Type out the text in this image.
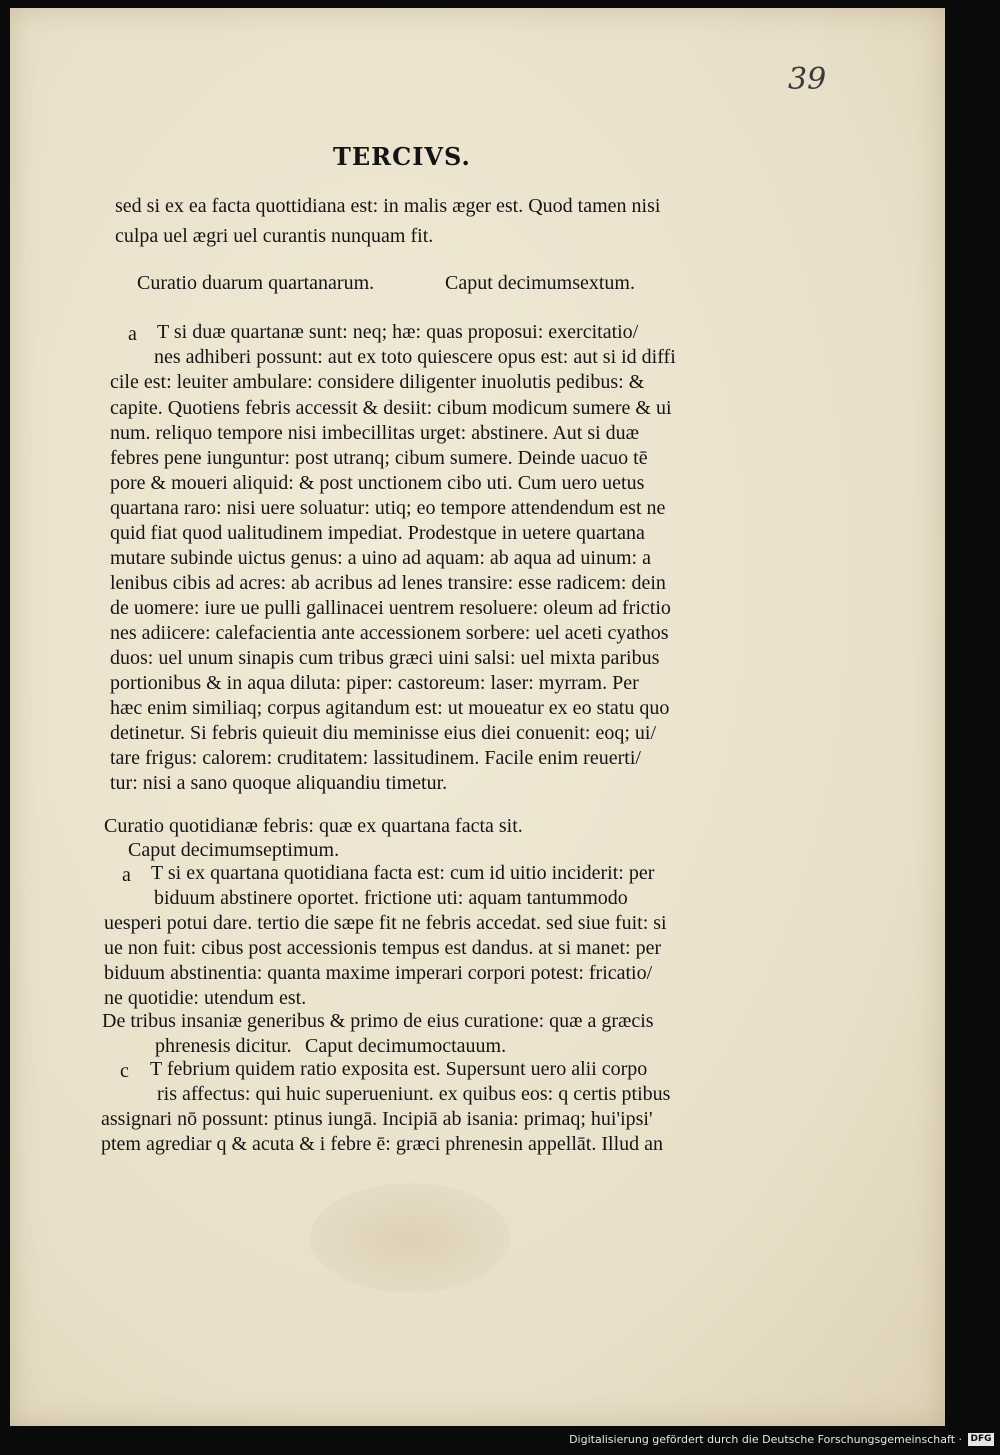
39
TERCIVS.
sed si ex ea facta quottidiana est: in malis æger est. Quod tamen nisi
culpa uel ægri uel curantis nunquam fit.
Curatio duarum quartanarum.	Caput decimumsextum.
a T si duæ quartanæ sunt: neq; hæ: quas proposui: exercitatio/
nes adhiberi possunt: aut ex toto quiescere opus est: aut si id diffi
cile est: leuiter ambulare: considere diligenter inuolutis pedibus: &
capite. Quotiens febris accessit & desiit: cibum modicum sumere & ui
num. reliquo tempore nisi imbecillitas urget: abstinere. Aut si duæ
febres pene iunguntur: post utranq; cibum sumere. Deinde uacuo tē
pore & moueri aliquid: & post unctionem cibo uti. Cum uero uetus
quartana raro: nisi uere soluatur: utiq; eo tempore attendendum est ne
quid fiat quod ualitudinem impediat. Prodestque in uetere quartana
mutare subinde uictus genus: a uino ad aquam: ab aqua ad uinum: a
lenibus cibis ad acres: ab acribus ad lenes transire: esse radicem: dein
de uomere: iure ue pulli gallinacei uentrem resoluere: oleum ad frictio
nes adiicere: calefacientia ante accessionem sorbere: uel aceti cyathos
duos: uel unum sinapis cum tribus græci uini salsi: uel mixta paribus
portionibus & in aqua diluta: piper: castoreum: laser: myrram. Per
hæc enim similiaq; corpus agitandum est: ut moueatur ex eo statu quo
detinetur. Si febris quieuit diu meminisse eius diei conuenit: eoq; ui/
tare frigus: calorem: cruditatem: lassitudinem. Facile enim reuerti/
tur: nisi a sano quoque aliquandiu timetur.
Curatio quotidianæ febris: quæ ex quartana facta sit.
Caput decimumseptimum.
a T si ex quartana quotidiana facta est: cum id uitio inciderit: per
biduum abstinere oportet. frictione uti: aquam tantummodo
uesperi potui dare. tertio die sæpe fit ne febris accedat. sed siue fuit: si
ue non fuit: cibus post accessionis tempus est dandus. at si manet: per
biduum abstinentia: quanta maxime imperari corpori potest: fricatio/
ne quotidie: utendum est.
De tribus insaniæ generibus & primo de eius curatione: quæ a græcis
phrenesis dicitur. Caput decimumoctauum.
c T febrium quidem ratio exposita est. Supersunt uero alii corpo
ris affectus: qui huic superueniunt. ex quibus eos: q certis ptibus
assignari nō possunt: ptinus iungā. Incipiā ab isania: primaq; hui'ipsi'
ptem agrediar q & acuta & i febre ē: græci phrenesin appellāt. Illud an
Digitalisierung gefördert durch die Deutsche Forschungsgemeinschaft · DFG
